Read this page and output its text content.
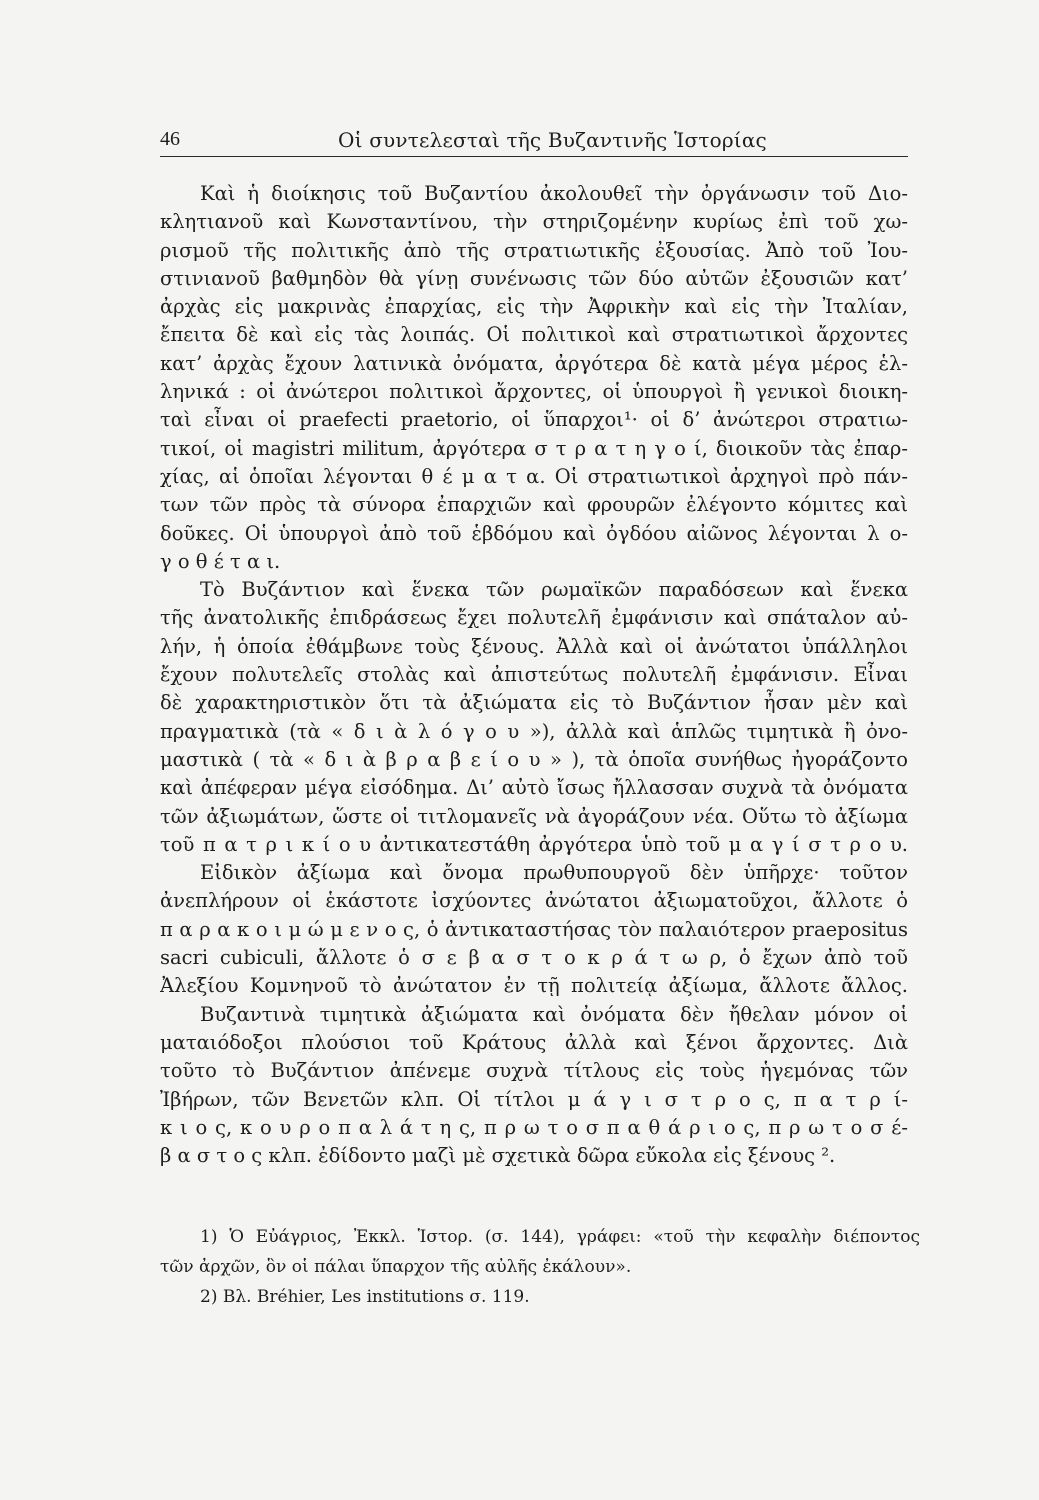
46	Οἱ συντελεσταὶ τῆς Βυζαντινῆς Ἱστορίας
Καὶ ἡ διοίκησις τοῦ Βυζαντίου ἀκολουθεῖ τὴν ὀργάνωσιν τοῦ Διο-
κλητιανοῦ καὶ Κωνσταντίνου, τὴν στηριζομένην κυρίως ἐπὶ τοῦ χω-
ρισμοῦ τῆς πολιτικῆς ἀπὸ τῆς στρατιωτικῆς ἐξουσίας. Ἀπὸ τοῦ Ἰου-
στινιανοῦ βαθμηδὸν θὰ γίνῃ συνένωσις τῶν δύο αὐτῶν ἐξουσιῶν κατ’
ἀρχὰς εἰς μακρινὰς ἐπαρχίας, εἰς τὴν Ἀφρικὴν καὶ εἰς τὴν Ἰταλίαν,
ἔπειτα δὲ καὶ εἰς τὰς λοιπάς. Οἱ πολιτικοὶ καὶ στρατιωτικοὶ ἄρχοντες
κατ’ ἀρχὰς ἔχουν λατινικὰ ὀνόματα, ἀργότερα δὲ κατὰ μέγα μέρος ἑλ-
ληνικά : οἱ ἀνώτεροι πολιτικοὶ ἄρχοντες, οἱ ὑπουργοὶ ἢ γενικοὶ διοικη-
ταὶ εἶναι οἱ praefecti praetorio, οἱ ὕπαρχοι¹· οἱ δ’ ἀνώτεροι στρατιω-
τικοί, οἱ magistri militum, ἀργότερα σ τ ρ α τ η γ ο ί, διοικοῦν τὰς ἐπαρ-
χίας, αἱ ὁποῖαι λέγονται θ έ μ α τ α. Οἱ στρατιωτικοὶ ἀρχηγοὶ πρὸ πάν-
των τῶν πρὸς τὰ σύνορα ἐπαρχιῶν καὶ φρουρῶν ἐλέγοντο κόμιτες καὶ
δοῦκες. Οἱ ὑπουργοὶ ἀπὸ τοῦ ἑβδόμου καὶ ὀγδόου αἰῶνος λέγονται λ ο-
γ ο θ έ τ α ι.
Τὸ Βυζάντιον καὶ ἕνεκα τῶν ρωμαϊκῶν παραδόσεων καὶ ἕνεκα
τῆς ἀνατολικῆς ἐπιδράσεως ἔχει πολυτελῆ ἐμφάνισιν καὶ σπάταλον αὐ-
λήν, ἡ ὁποία ἐθάμβωνε τοὺς ξένους. Ἀλλὰ καὶ οἱ ἀνώτατοι ὑπάλληλοι
ἔχουν πολυτελεῖς στολὰς καὶ ἀπιστεύτως πολυτελῆ ἐμφάνισιν. Εἶναι
δὲ χαρακτηριστικὸν ὅτι τὰ ἀξιώματα εἰς τὸ Βυζάντιον ἦσαν μὲν καὶ
πραγματικὰ (τὰ « δ ι ὰ λ ό γ ο υ »), ἀλλὰ καὶ ἁπλῶς τιμητικὰ ἢ ὀνο-
μαστικὰ ( τὰ « δ ι ὰ β ρ α β ε ί ο υ » ), τὰ ὁποῖα συνήθως ἠγοράζοντο
καὶ ἀπέφεραν μέγα εἰσόδημα. Δι’ αὐτὸ ἴσως ἤλλασσαν συχνὰ τὰ ὀνόματα
τῶν ἀξιωμάτων, ὥστε οἱ τιτλομανεῖς νὰ ἀγοράζουν νέα. Οὕτω τὸ ἀξίωμα
τοῦ π α τ ρ ι κ ί ο υ ἀντικατεστάθη ἀργότερα ὑπὸ τοῦ μ α γ ί σ τ ρ ο υ.
Εἰδικὸν ἀξίωμα καὶ ὄνομα πρωθυπουργοῦ δὲν ὑπῆρχε· τοῦτον
ἀνεπλήρουν οἱ ἑκάστοτε ἰσχύοντες ἀνώτατοι ἀξιωματοῦχοι, ἄλλοτε ὁ
π α ρ α κ ο ι μ ώ μ ε ν ο ς, ὁ ἀντικαταστήσας τὸν παλαιότερον praepositus
sacri cubiculi, ἄλλοτε ὁ σ ε β α σ τ ο κ ρ ά τ ω ρ, ὁ ἔχων ἀπὸ τοῦ
Ἀλεξίου Κομνηνοῦ τὸ ἀνώτατον ἐν τῇ πολιτείᾳ ἀξίωμα, ἄλλοτε ἄλλος.
Βυζαντινὰ τιμητικὰ ἀξιώματα καὶ ὀνόματα δὲν ἤθελαν μόνον οἱ
ματαιόδοξοι πλούσιοι τοῦ Κράτους ἀλλὰ καὶ ξένοι ἄρχοντες. Διὰ
τοῦτο τὸ Βυζάντιον ἀπένεμε συχνὰ τίτλους εἰς τοὺς ἡγεμόνας τῶν
Ἰβήρων, τῶν Βενετῶν κλπ. Οἱ τίτλοι μ ά γ ι σ τ ρ ο ς, π α τ ρ ί-
κ ι ο ς, κ ο υ ρ ο π α λ ά τ η ς, π ρ ω τ ο σ π α θ ά ρ ι ο ς, π ρ ω τ ο σ έ-
β α σ τ ο ς κλπ. ἐδίδοντο μαζὶ μὲ σχετικὰ δῶρα εὔκολα εἰς ξένους ².
1) Ὁ Εὐάγριος, Ἐκκλ. Ἱστορ. (σ. 144), γράφει: «τοῦ τὴν κεφαλὴν διέποντος
τῶν ἀρχῶν, ὃν οἱ πάλαι ὕπαρχον τῆς αὐλῆς ἐκάλουν».
2) Βλ. Bréhier, Les institutions σ. 119.
